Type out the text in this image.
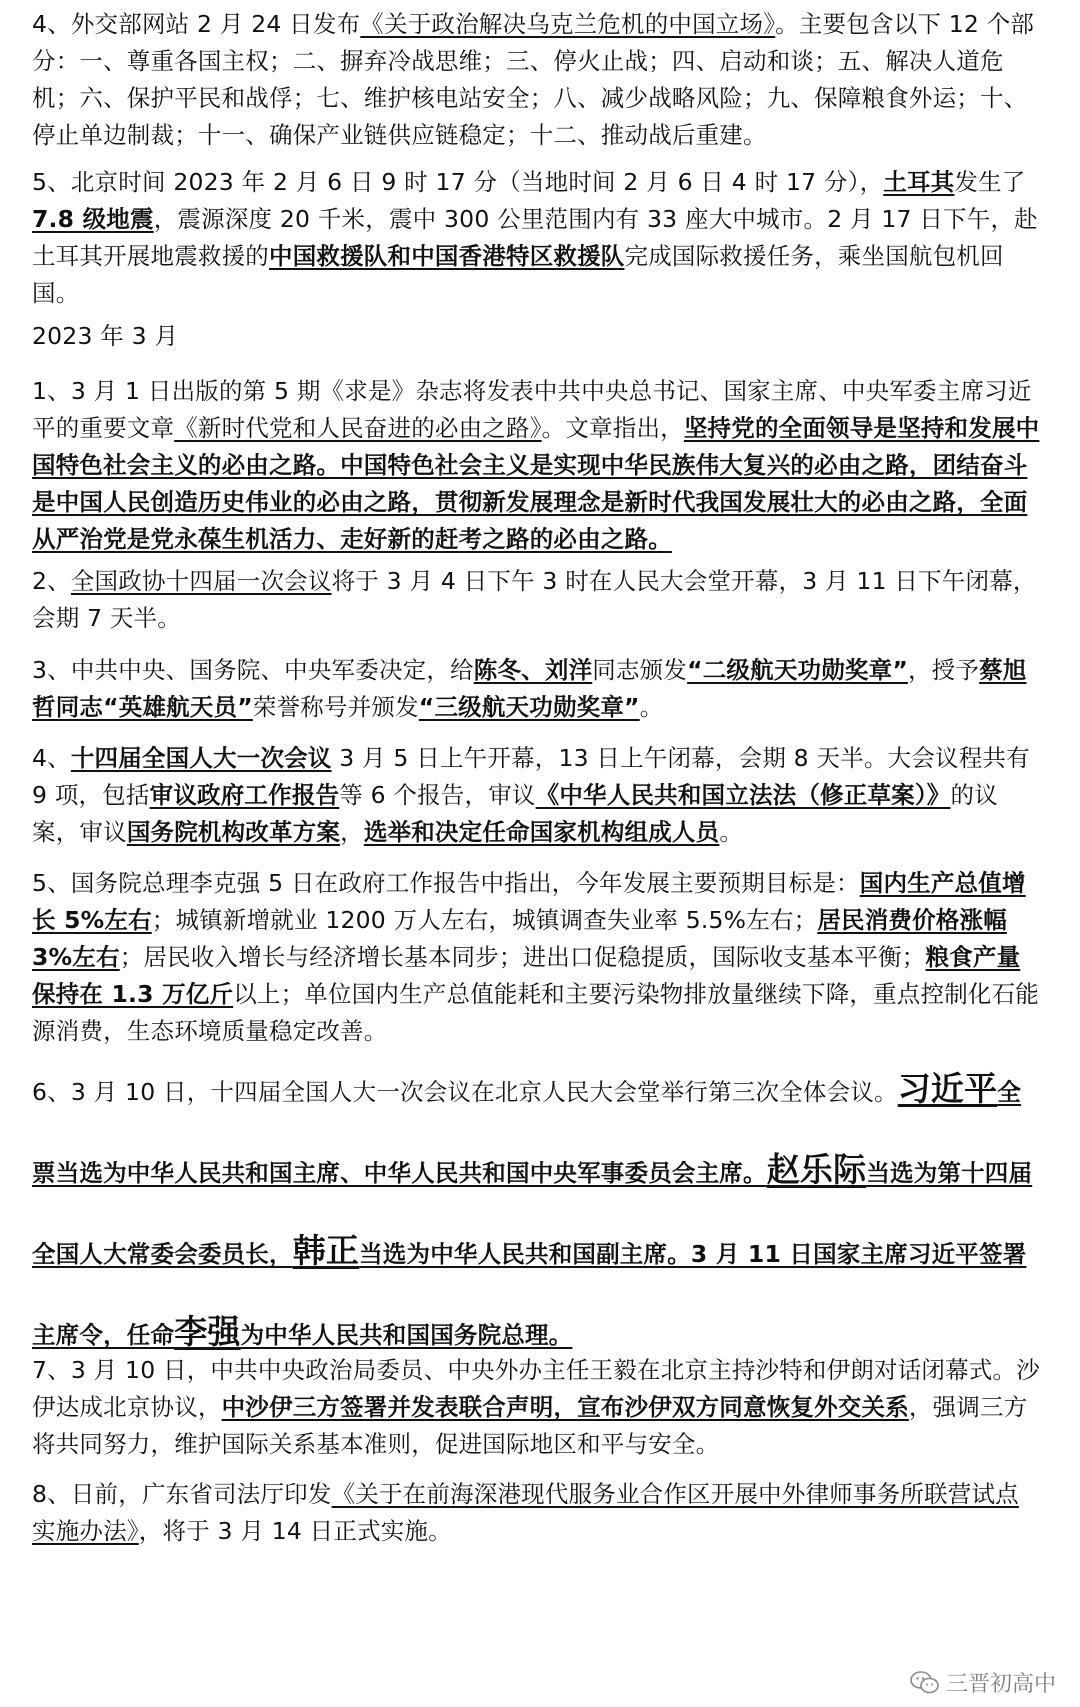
4、外交部网站 2 月 24 日发布《关于政治解决乌克兰危机的中国立场》。主要包含以下 12 个部分：一、尊重各国主权；二、摒弃冷战思维；三、停火止战；四、启动和谈；五、解决人道危机；六、保护平民和战俘；七、维护核电站安全；八、减少战略风险；九、保障粮食外运；十、停止单边制裁；十一、确保产业链供应链稳定；十二、推动战后重建。

5、北京时间 2023 年 2 月 6 日 9 时 17 分（当地时间 2 月 6 日 4 时 17 分），土耳其发生了7.8 级地震，震源深度 20 千米，震中 300 公里范围内有 33 座大中城市。2 月 17 日下午，赴土耳其开展地震救援的中国救援队和中国香港特区救援队完成国际救援任务，乘坐国航包机回国。

2023 年 3 月

1、3 月 1 日出版的第 5 期《求是》杂志将发表中共中央总书记、国家主席、中央军委主席习近平的重要文章《新时代党和人民奋进的必由之路》。文章指出，坚持党的全面领导是坚持和发展中国特色社会主义的必由之路。中国特色社会主义是实现中华民族伟大复兴的必由之路，团结奋斗是中国人民创造历史伟业的必由之路，贯彻新发展理念是新时代我国发展壮大的必由之路，全面从严治党是党永葆生机活力、走好新的赶考之路的必由之路。

2、全国政协十四届一次会议将于 3 月 4 日下午 3 时在人民大会堂开幕，3 月 11 日下午闭幕，会期 7 天半。

3、中共中央、国务院、中央军委决定，给陈冬、刘洋同志颁发“二级航天功勋奖章”，授予蔡旭哲同志“英雄航天员”荣誉称号并颁发“三级航天功勋奖章”。

4、十四届全国人大一次会议 3 月 5 日上午开幕，13 日上午闭幕，会期 8 天半。大会议程共有 9 项，包括审议政府工作报告等 6 个报告，审议《中华人民共和国立法法（修正草案）》的议案，审议国务院机构改革方案，选举和决定任命国家机构组成人员。

5、国务院总理李克强 5 日在政府工作报告中指出，今年发展主要预期目标是：国内生产总值增长 5%左右；城镇新增就业 1200 万人左右，城镇调查失业率 5.5%左右；居民消费价格涨幅 3%左右；居民收入增长与经济增长基本同步；进出口促稳提质，国际收支基本平衡；粮食产量保持在 1.3 万亿斤以上；单位国内生产总值能耗和主要污染物排放量继续下降，重点控制化石能源消费，生态环境质量稳定改善。

6、3 月 10 日，十四届全国人大一次会议在北京人民大会堂举行第三次全体会议。习近平全票当选为中华人民共和国主席、中华人民共和国中央军事委员会主席。赵乐际当选为第十四届全国人大常委会委员长，韩正当选为中华人民共和国副主席。3 月 11 日国家主席习近平签署主席令，任命李强为中华人民共和国国务院总理。

7、3 月 10 日，中共中央政治局委员、中央外办主任王毅在北京主持沙特和伊朗对话闭幕式。沙伊达成北京协议，中沙伊三方签署并发表联合声明，宣布沙伊双方同意恢复外交关系，强调三方将共同努力，维护国际关系基本准则，促进国际地区和平与安全。

8、日前，广东省司法厅印发《关于在前海深港现代服务业合作区开展中外律师事务所联营试点实施办法》，将于 3 月 14 日正式实施。

三晋初高中
